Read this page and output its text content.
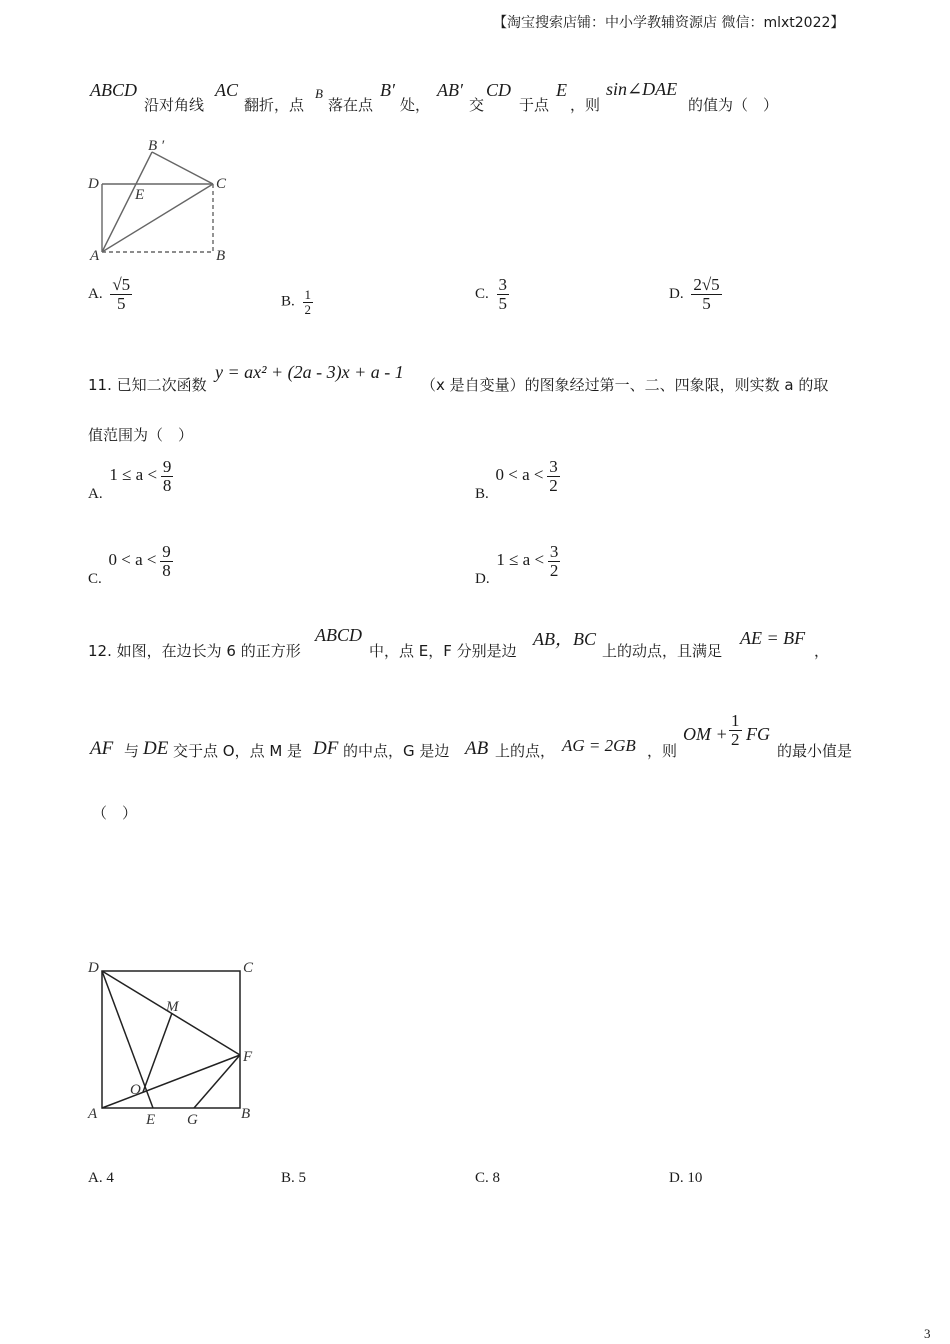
【淘宝搜索店铺：中小学教辅资源店 微信：mlxt2022】
ABCD
沿对角线
AC
翻折，点
B
落在点
B′
处，
AB′
交
CD
于点
E
，则
sin∠DAE
的值为（　）
B ′
D
E
C
A	B
A. $\frac{√5}{5}$	B. $\frac{1}{2}$	C. $\frac{3}{5}$	D. $\frac{2√5}{5}$
11. 已知二次函数
y = ax² + (2a - 3)x + a - 1
（x 是自变量）的图象经过第一、二、四象限，则实数 a 的取
值范围为（　）
A. $1 \le a < \frac{9}{8}$	B. $0 < a < \frac{3}{2}$
C. $0 < a < \frac{9}{8}$	D. $1 \le a < \frac{3}{2}$
12. 如图，在边长为 6 的正方形
ABCD
中，点 E，F 分别是边
AB，BC
上的动点，且满足
AE = BF
，
AF 与 DE 交于点 O，点 M 是 DF 的中点，G 是边 AB 上的点， AG = 2GB ，则
OM + $\frac{1}{2}$ FG
的最小值是
（　）
D	C
M
F
O
A	E G	B
A. 4	B. 5	C. 8	D. 10
3
